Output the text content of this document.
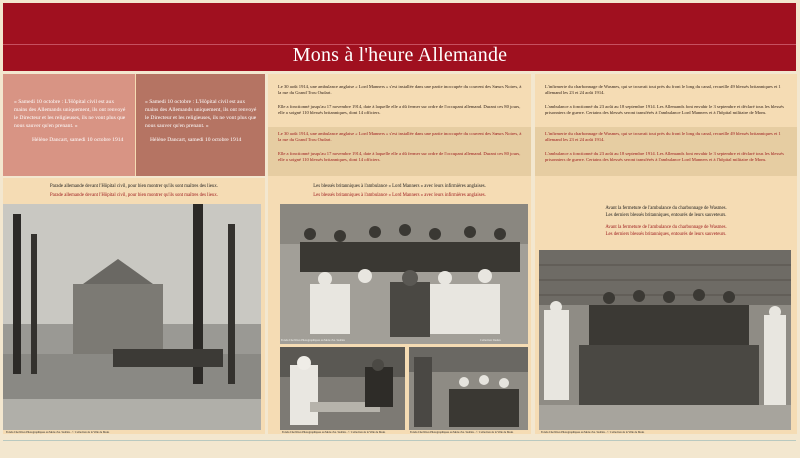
Mons à l'heure Allemande
« Samedi 10 octobre : L'Hôpital civil est aux mains des Allemands uniquement, ils ont renvoyé le Directeur et les religieuses, ils ne vont plus que nous sauver qu'en prenant. »
Hélène Dancart, samedi 10 octobre 1914
« Samedi 10 octobre : L'Hôpital civil est aux mains des Allemands uniquement, ils ont renvoyé le Directeur et les religieuses, ils ne vont plus que nous sauver qu'en prenant. »
Hélène Dancart, samedi 10 octobre 1914
Le 30 août 1914, une ambulance anglaise « Lord Manners » s'est installée dans une partie inoccupée du couvent des Sœurs Noires, à la rue du Grand Trou Oudart.
Elle a fonctionné jusqu'au 17 novembre 1914, date à laquelle elle a dû fermer sur ordre de l'occupant allemand. Durant ces 80 jours, elle a soigné 110 blessés britanniques, dont 14 officiers.
Le 30 août 1914, une ambulance anglaise « Lord Manners » s'est installée dans une partie inoccupée du couvent des Sœurs Noires, à la rue du Grand Trou Oudart.
Elle a fonctionné jusqu'au 17 novembre 1914, date à laquelle elle a dû fermer sur ordre de l'occupant allemand. Durant ces 80 jours, elle a soigné 110 blessés britanniques, dont 14 officiers.
L'infirmerie du charbonnage de Wasmes, qui se trouvait tout près du front le long du canal, recueille 49 blessés britanniques et 1 allemand les 23 et 24 août 1914.
L'ambulance a fonctionné du 23 août au 18 septembre 1914. Les Allemands font envahir le 3 septembre et déclaré tous les blessés prisonniers de guerre. Certains des blessés seront transférés à l'ambulance Lord Manners et à l'hôpital militaire de Mons.
L'infirmerie du charbonnage de Wasmes, qui se trouvait tout près du front le long du canal, recueille 49 blessés britanniques et 1 allemand les 23 et 24 août 1914.
L'ambulance a fonctionné du 23 août au 18 septembre 1914. Les Allemands font envahir le 3 septembre et déclaré tous les blessés prisonniers de guerre. Certains des blessés seront transférés à l'ambulance Lord Manners et à l'hôpital militaire de Mons.
Parade allemande devant l'Hôpital civil, pour bien montrer qu'ils sont maîtres des lieux.
Parade allemande devant l'Hôpital civil, pour bien montrer qu'ils sont maîtres des lieux.
Les blessés britanniques à l'ambulance « Lord Manners » avec leurs infirmières anglaises.
Les blessés britanniques à l'ambulance « Lord Manners » avec leurs infirmières anglaises.
Avant la fermeture de l'ambulance du charbonnage de Wasmes.
Les derniers blessés britanniques, entourés de leurs sauveteurs.
Avant la fermeture de l'ambulance du charbonnage de Wasmes.
Les derniers blessés britanniques, entourés de leurs sauveteurs.
Fonds d'Archives Photographiques au Mons d'A. Sadrins - © Collection de la Ville de Mons
Fonds d'Archives Photographiques au Mons d'A. Sadrins	Collection: Inuttes
Fonds d'Archives Photographiques au Mons d'A. Sadrins - © Collection de la Ville de Mons	Fonds d'Archives Photographiques au Mons d'A. Sadrins - © Collection de la Ville de Mons	Fonds d'Archives Photographiques au Mons d'A. Sadrins - © Collection de la Ville de Mons
